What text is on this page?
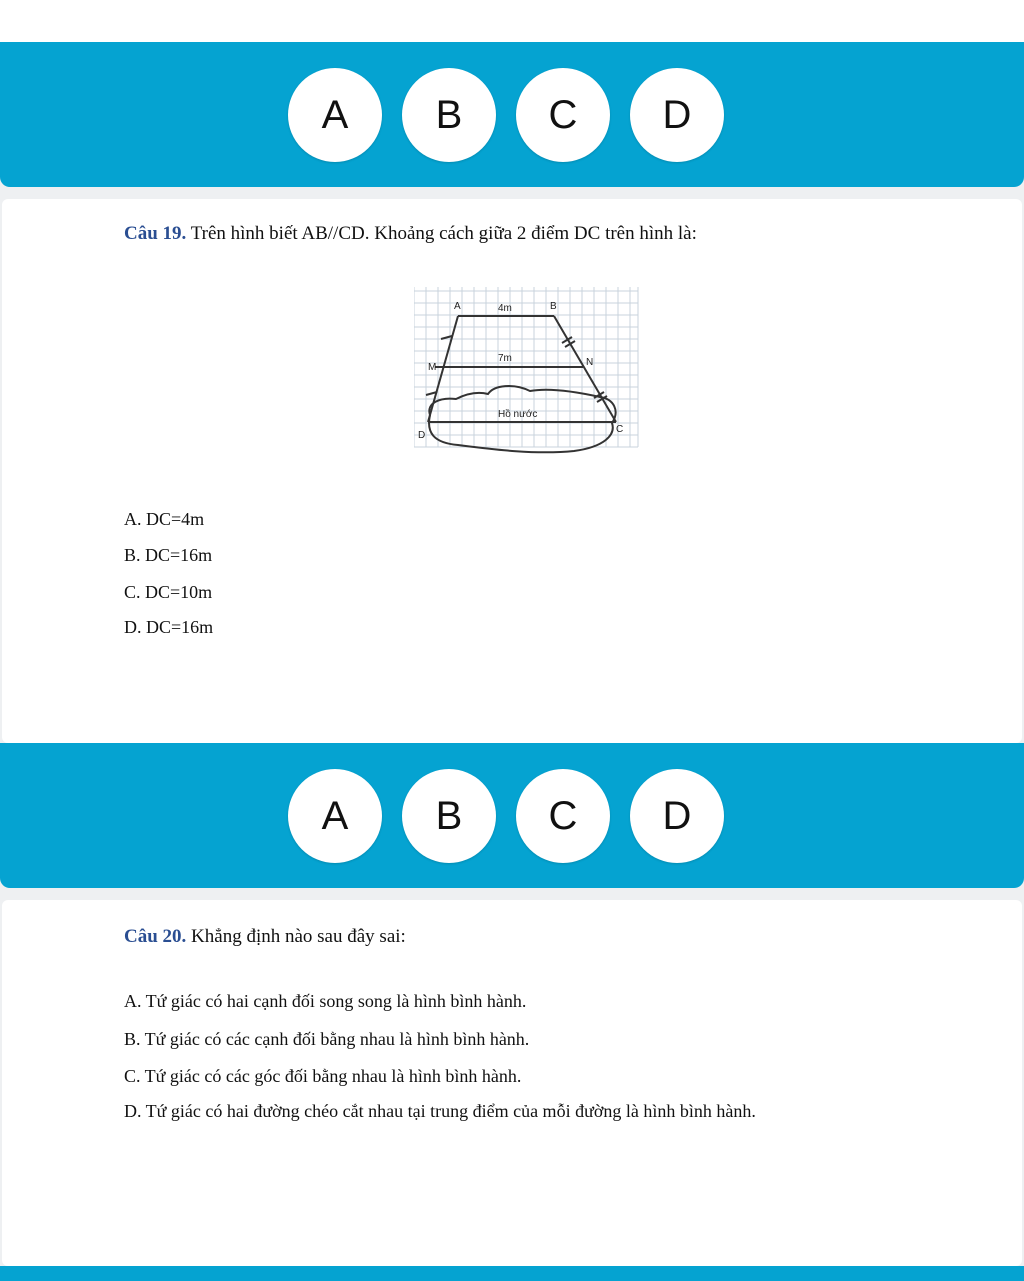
A	B	C	D
Câu 19. Trên hình biết AB//CD. Khoảng cách giữa 2 điểm DC trên hình là:
A	B
4m
M	N
7m
Hồ nước
D
C
A. DC=4m
B. DC=16m
C. DC=10m
D. DC=16m
A	B	C	D
Câu 20. Khẳng định nào sau đây sai:
A. Tứ giác có hai cạnh đối song song là hình bình hành.
B. Tứ giác có các cạnh đối bằng nhau là hình bình hành.
C. Tứ giác có các góc đối bằng nhau là hình bình hành.
D. Tứ giác có hai đường chéo cắt nhau tại trung điểm của mỗi đường là hình bình hành.
